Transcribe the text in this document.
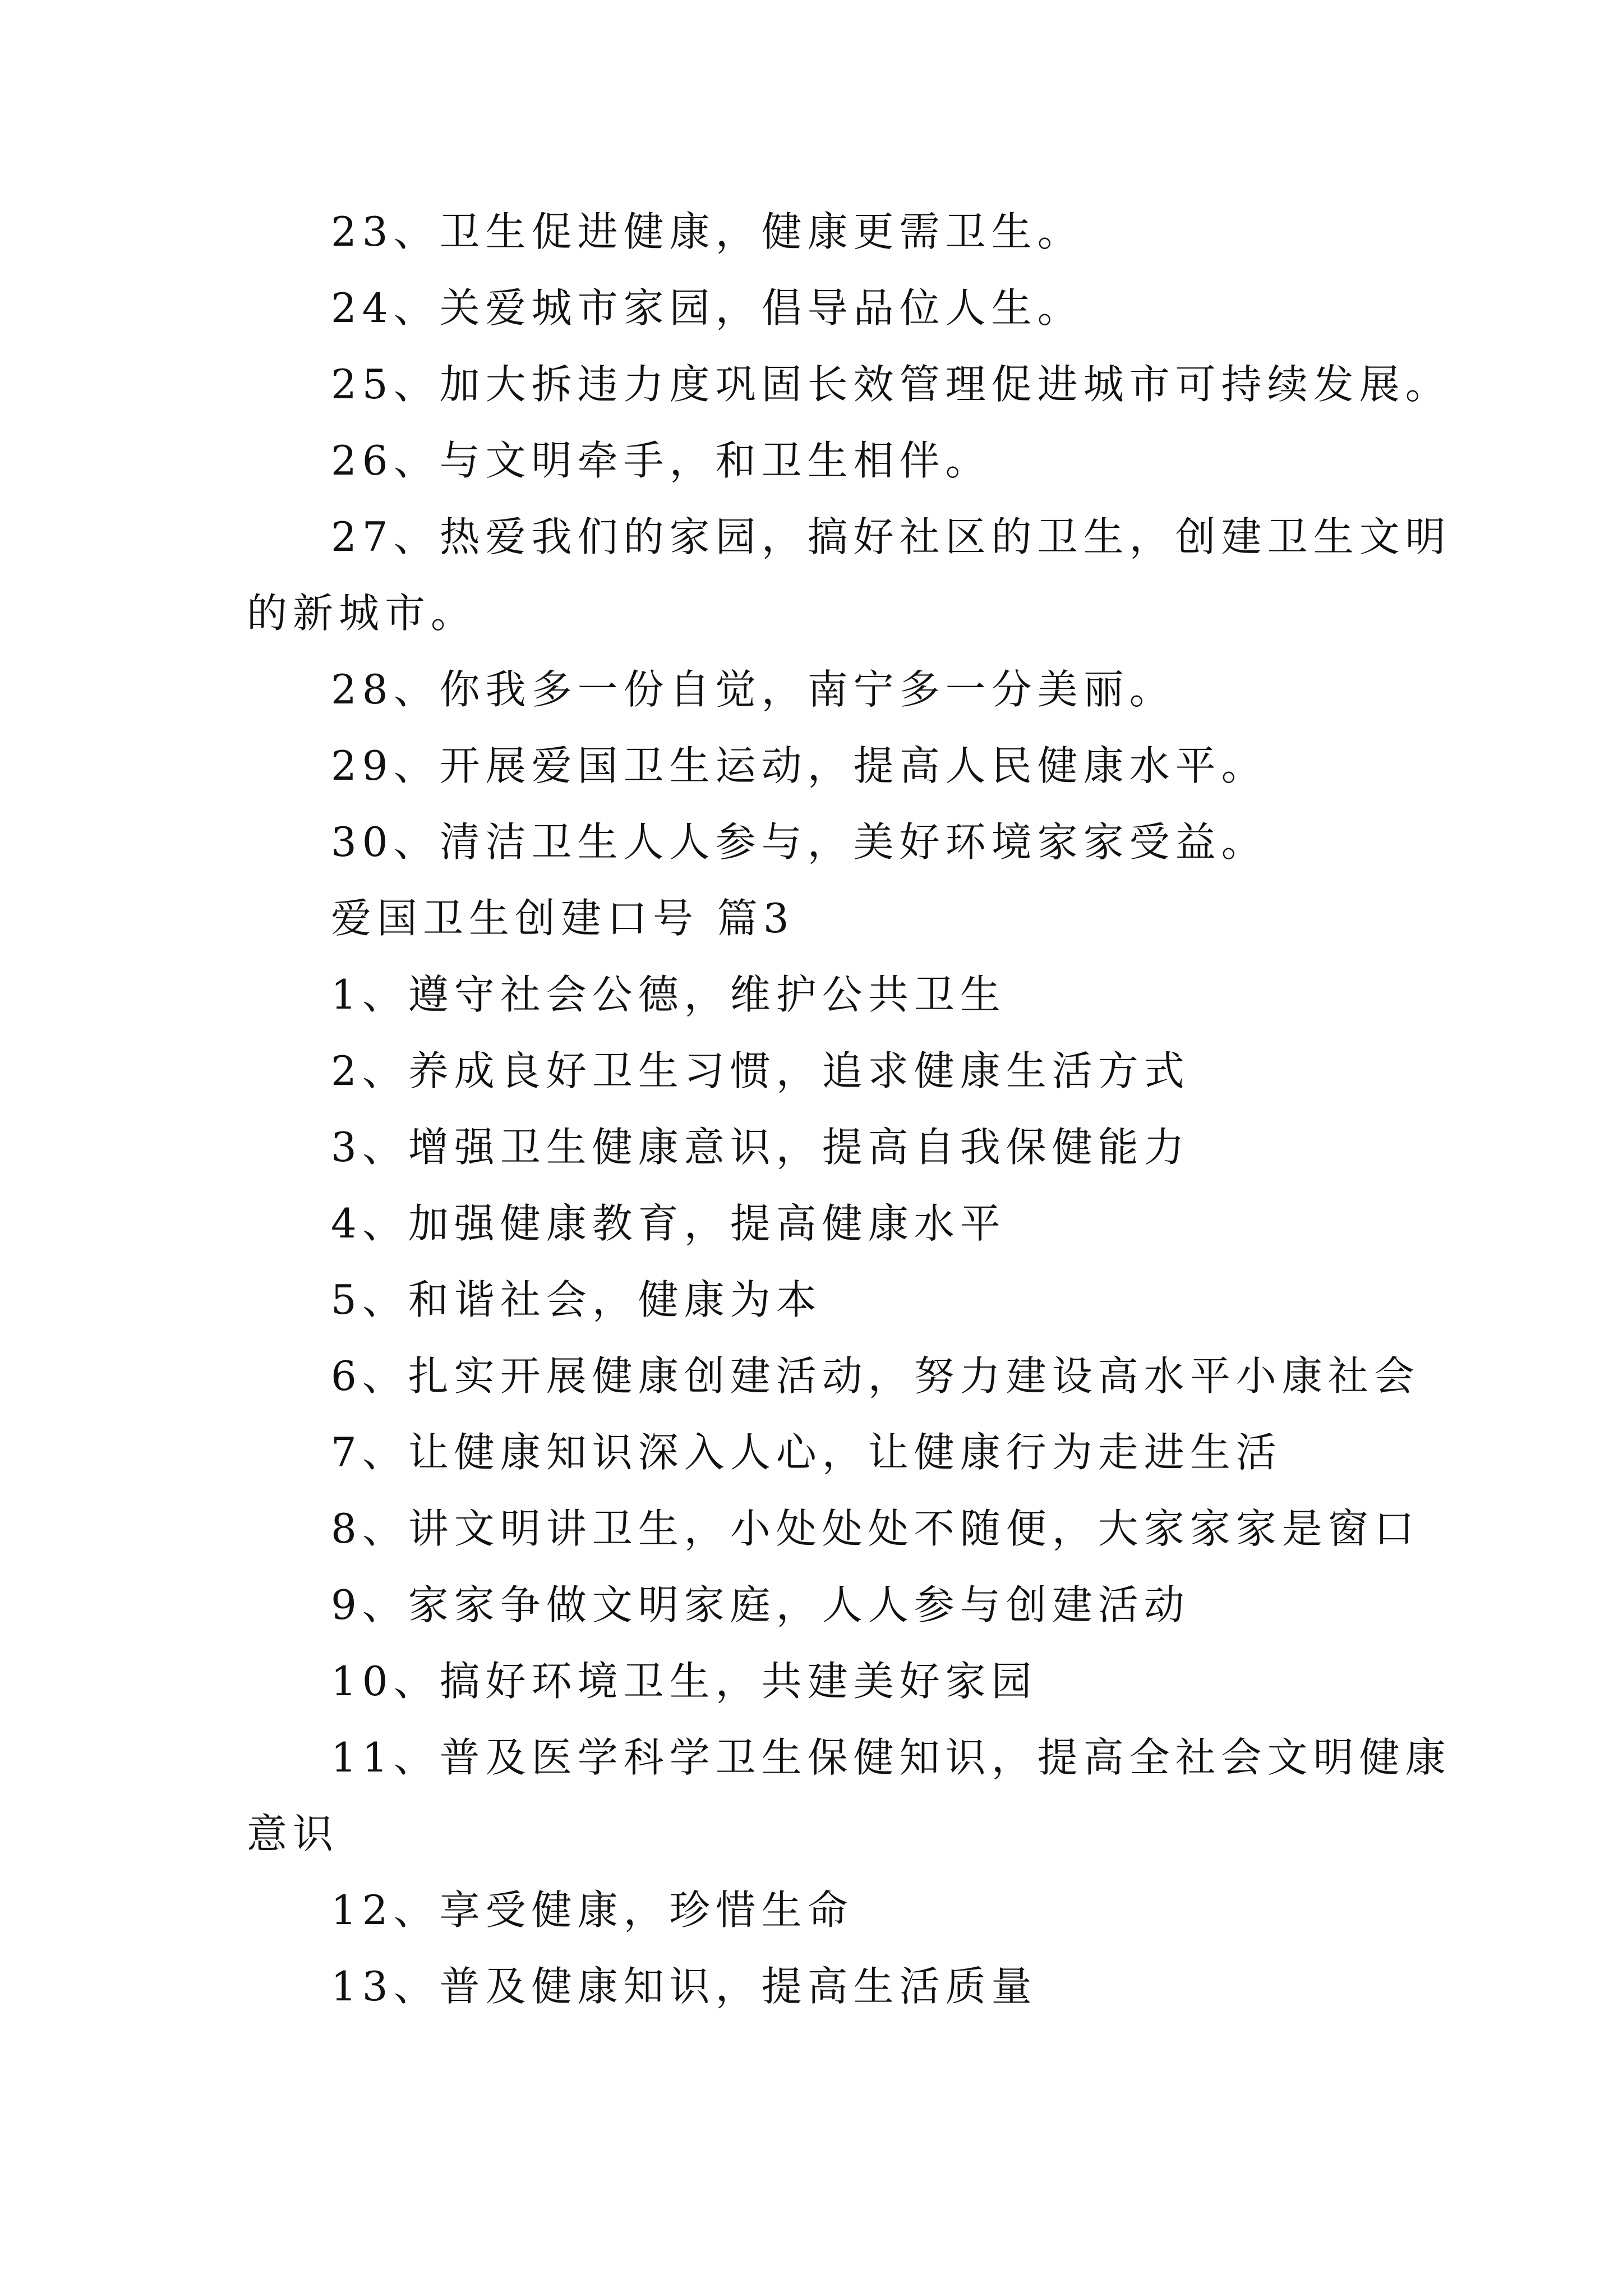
23、卫生促进健康，健康更需卫生。

24、关爱城市家园，倡导品位人生。

25、加大拆违力度巩固长效管理促进城市可持续发展。

26、与文明牵手，和卫生相伴。

27、热爱我们的家园，搞好社区的卫生，创建卫生文明的新城市。

28、你我多一份自觉，南宁多一分美丽。

29、开展爱国卫生运动，提高人民健康水平。

30、清洁卫生人人参与，美好环境家家受益。

爱国卫生创建口号 篇3

1、遵守社会公德，维护公共卫生

2、养成良好卫生习惯，追求健康生活方式

3、增强卫生健康意识，提高自我保健能力

4、加强健康教育，提高健康水平

5、和谐社会，健康为本

6、扎实开展健康创建活动，努力建设高水平小康社会

7、让健康知识深入人心，让健康行为走进生活

8、讲文明讲卫生，小处处处不随便，大家家家是窗口

9、家家争做文明家庭，人人参与创建活动

10、搞好环境卫生，共建美好家园

11、普及医学科学卫生保健知识，提高全社会文明健康意识

12、享受健康，珍惜生命

13、普及健康知识，提高生活质量
